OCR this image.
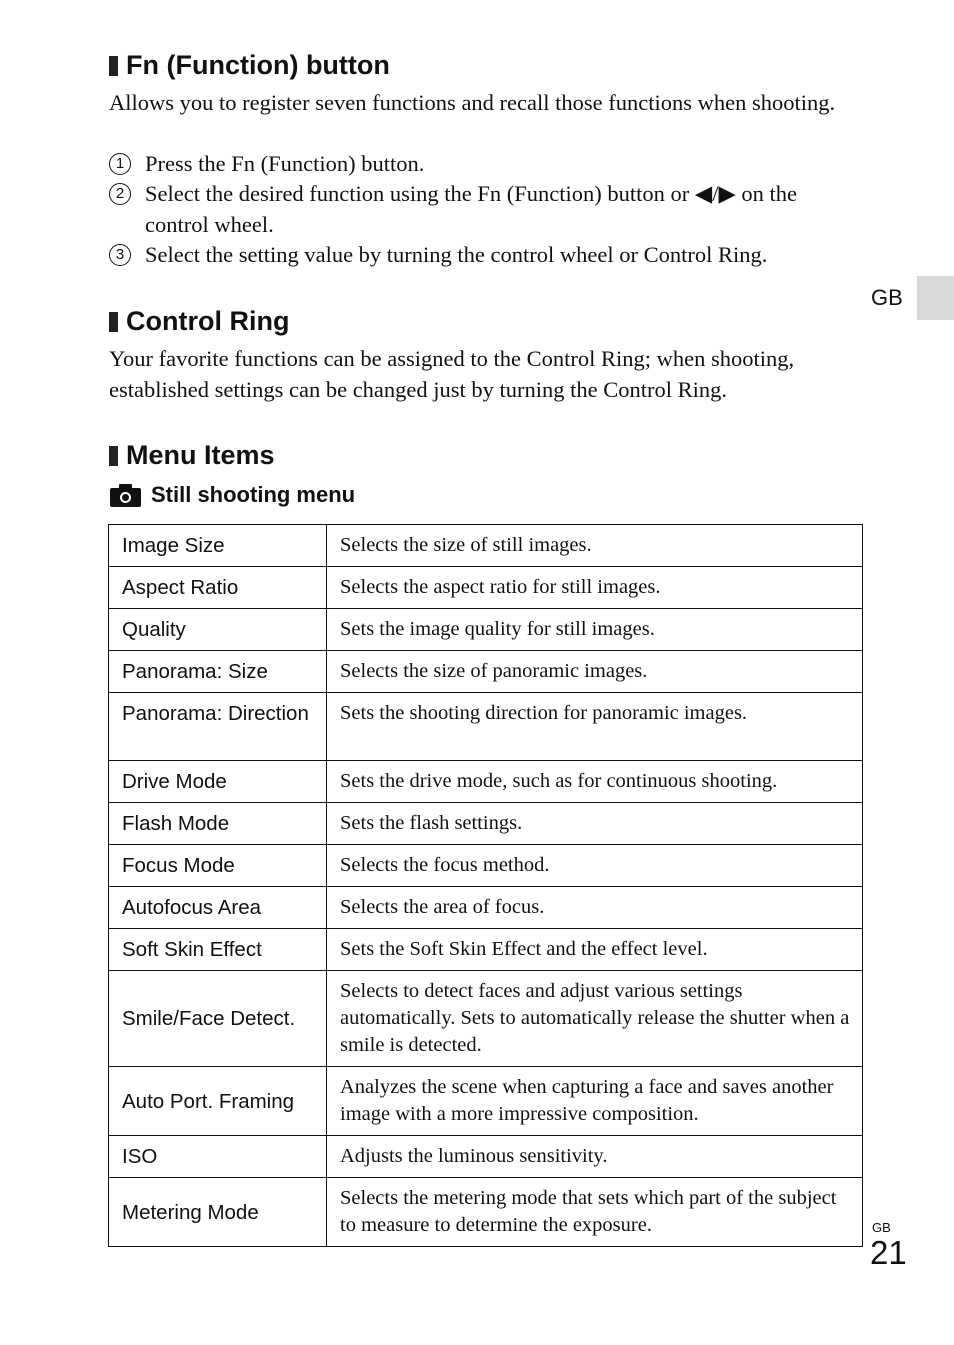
Fn (Function) button

Allows you to register seven functions and recall those functions when shooting.

1 Press the Fn (Function) button.
2 Select the desired function using the Fn (Function) button or ◀/▶ on the control wheel.
3 Select the setting value by turning the control wheel or Control Ring.
GB
Control Ring

Your favorite functions can be assigned to the Control Ring; when shooting, established settings can be changed just by turning the Control Ring.

Menu Items
Still shooting menu
Image Size	Selects the size of still images.
Aspect Ratio	Selects the aspect ratio for still images.
Quality	Sets the image quality for still images.
Panorama: Size	Selects the size of panoramic images.
Panorama: Direction	Sets the shooting direction for panoramic images.
Drive Mode	Sets the drive mode, such as for continuous shooting.
Flash Mode	Sets the flash settings.
Focus Mode	Selects the focus method.
Autofocus Area	Selects the area of focus.
Soft Skin Effect	Sets the Soft Skin Effect and the effect level.
Smile/Face Detect.	Selects to detect faces and adjust various settings automatically. Sets to automatically release the shutter when a smile is detected.
Auto Port. Framing	Analyzes the scene when capturing a face and saves another image with a more impressive composition.
ISO	Adjusts the luminous sensitivity.
Metering Mode	Selects the metering mode that sets which part of the subject to measure to determine the exposure.	GB
21
